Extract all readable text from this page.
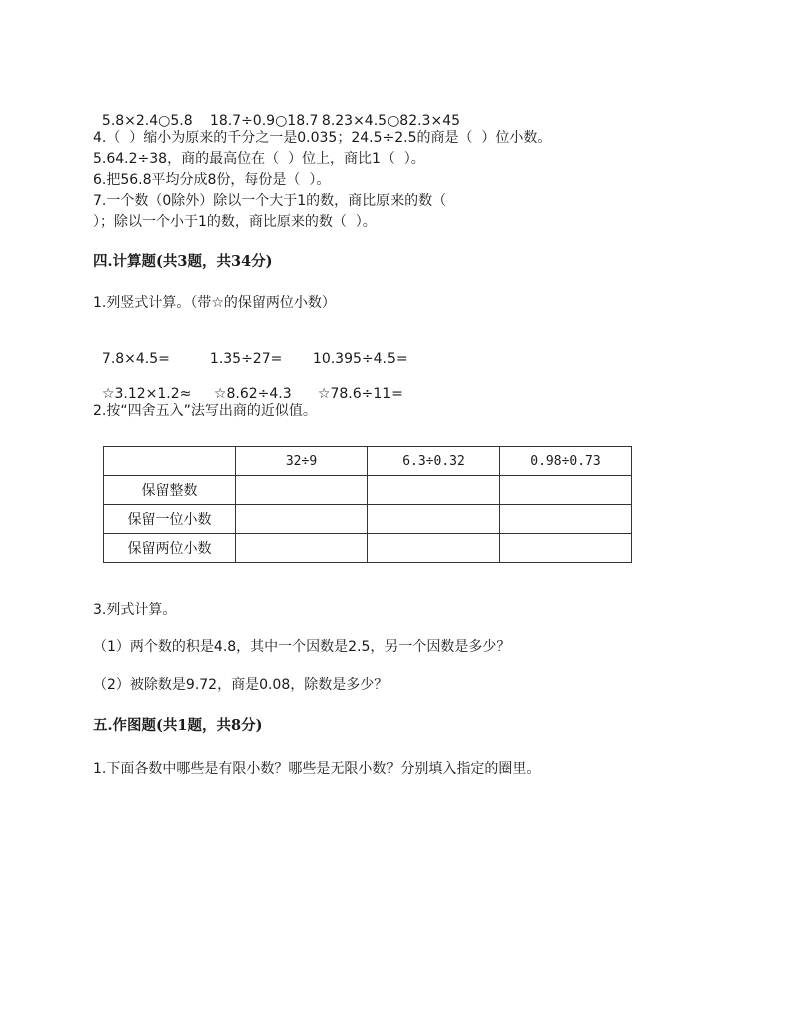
5.8×2.4○5.8 18.7÷0.9○18.7 8.23×4.5○82.3×45

4.（  ）缩小为原来的千分之一是0.035；24.5÷2.5的商是（  ）位小数。
5.64.2÷38，商的最高位在（  ）位上，商比1（  ）。
6.把56.8平均分成8份，每份是（  ）。
7.一个数（0除外）除以一个大于1的数，商比原来的数（
）；除以一个小于1的数，商比原来的数（  ）。
四.计算题(共3题，共34分)
1.列竖式计算。（带☆的保留两位小数）

7.8×4.5=	1.35÷27= 10.395÷4.5=

☆3.12×1.2≈ ☆8.62÷4.3 ☆78.6÷11=

2.按“四舍五入”法写出商的近似值。
	32÷9	6.3÷0.32	0.98÷0.73
保留整数			
保留一位小数			
保留两位小数			
3.列式计算。
（1）两个数的积是4.8，其中一个因数是2.5，另一个因数是多少？
（2）被除数是9.72，商是0.08，除数是多少？
五.作图题(共1题，共8分)
1.下面各数中哪些是有限小数？哪些是无限小数？分别填入指定的圈里。
